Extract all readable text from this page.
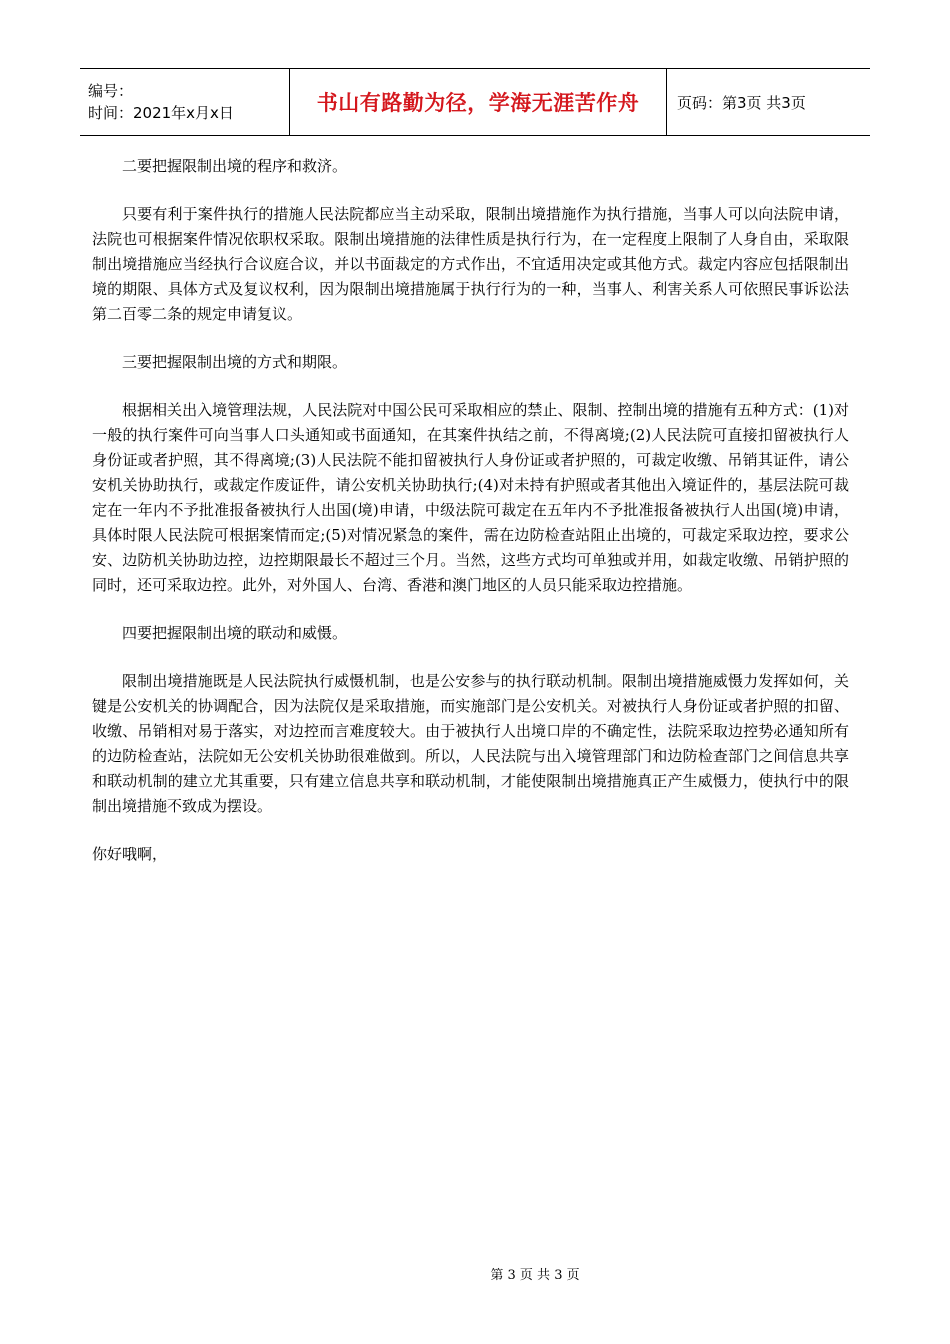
编号：
时间：2021年x月x日	书山有路勤为径，学海无涯苦作舟	页码：第3页 共3页

二要把握限制出境的程序和救济。

只要有利于案件执行的措施人民法院都应当主动采取，限制出境措施作为执行措施，当事人可以向法院申请，法院也可根据案件情况依职权采取。限制出境措施的法律性质是执行行为，在一定程度上限制了人身自由，采取限制出境措施应当经执行合议庭合议，并以书面裁定的方式作出，不宜适用决定或其他方式。裁定内容应包括限制出境的期限、具体方式及复议权利，因为限制出境措施属于执行行为的一种，当事人、利害关系人可依照民事诉讼法第二百零二条的规定申请复议。

三要把握限制出境的方式和期限。

根据相关出入境管理法规，人民法院对中国公民可采取相应的禁止、限制、控制出境的措施有五种方式：(1)对一般的执行案件可向当事人口头通知或书面通知，在其案件执结之前，不得离境;(2)人民法院可直接扣留被执行人身份证或者护照，其不得离境;(3)人民法院不能扣留被执行人身份证或者护照的，可裁定收缴、吊销其证件，请公安机关协助执行，或裁定作废证件，请公安机关协助执行;(4)对未持有护照或者其他出入境证件的，基层法院可裁定在一年内不予批准报备被执行人出国(境)申请，中级法院可裁定在五年内不予批准报备被执行人出国(境)申请，具体时限人民法院可根据案情而定;(5)对情况紧急的案件，需在边防检查站阻止出境的，可裁定采取边控，要求公安、边防机关协助边控，边控期限最长不超过三个月。当然，这些方式均可单独或并用，如裁定收缴、吊销护照的同时，还可采取边控。此外，对外国人、台湾、香港和澳门地区的人员只能采取边控措施。

四要把握限制出境的联动和威慑。

限制出境措施既是人民法院执行威慑机制，也是公安参与的执行联动机制。限制出境措施威慑力发挥如何，关键是公安机关的协调配合，因为法院仅是采取措施，而实施部门是公安机关。对被执行人身份证或者护照的扣留、收缴、吊销相对易于落实，对边控而言难度较大。由于被执行人出境口岸的不确定性，法院采取边控势必通知所有的边防检查站，法院如无公安机关协助很难做到。所以，人民法院与出入境管理部门和边防检查部门之间信息共享和联动机制的建立尤其重要，只有建立信息共享和联动机制，才能使限制出境措施真正产生威慑力，使执行中的限制出境措施不致成为摆设。

你好哦啊，

第 3 页 共 3 页
